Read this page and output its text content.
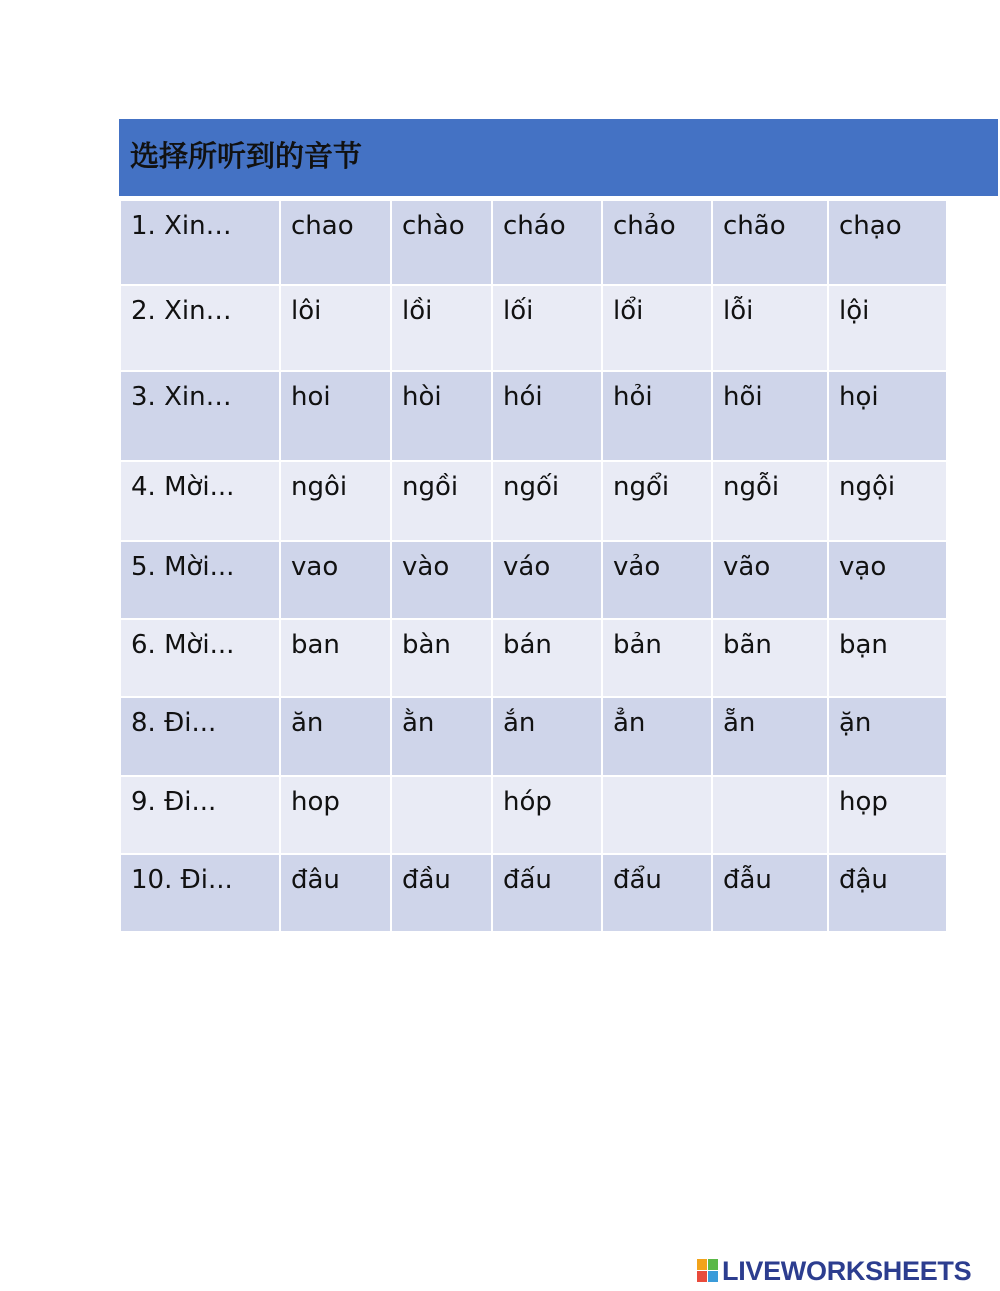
选择所听到的音节
1. Xin…	chao	chào	cháo	chảo	chão	chạo
2. Xin…	lôi	lồi	lối	lổi	lỗi	lội
3. Xin…	hoi	hòi	hói	hỏi	hõi	họi
4. Mời...	ngôi	ngồi	ngối	ngổi	ngỗi	ngội
5. Mời...	vao	vào	váo	vảo	vão	vạo
6. Mời...	ban	bàn	bán	bản	bãn	bạn
8. Đi...	ăn	ằn	ắn	ẳn	ẵn	ặn
9. Đi...	hop		hóp			họp
10. Đi...	đâu	đầu	đấu	đẩu	đẫu	đậu
LIVEWORKSHEETS
